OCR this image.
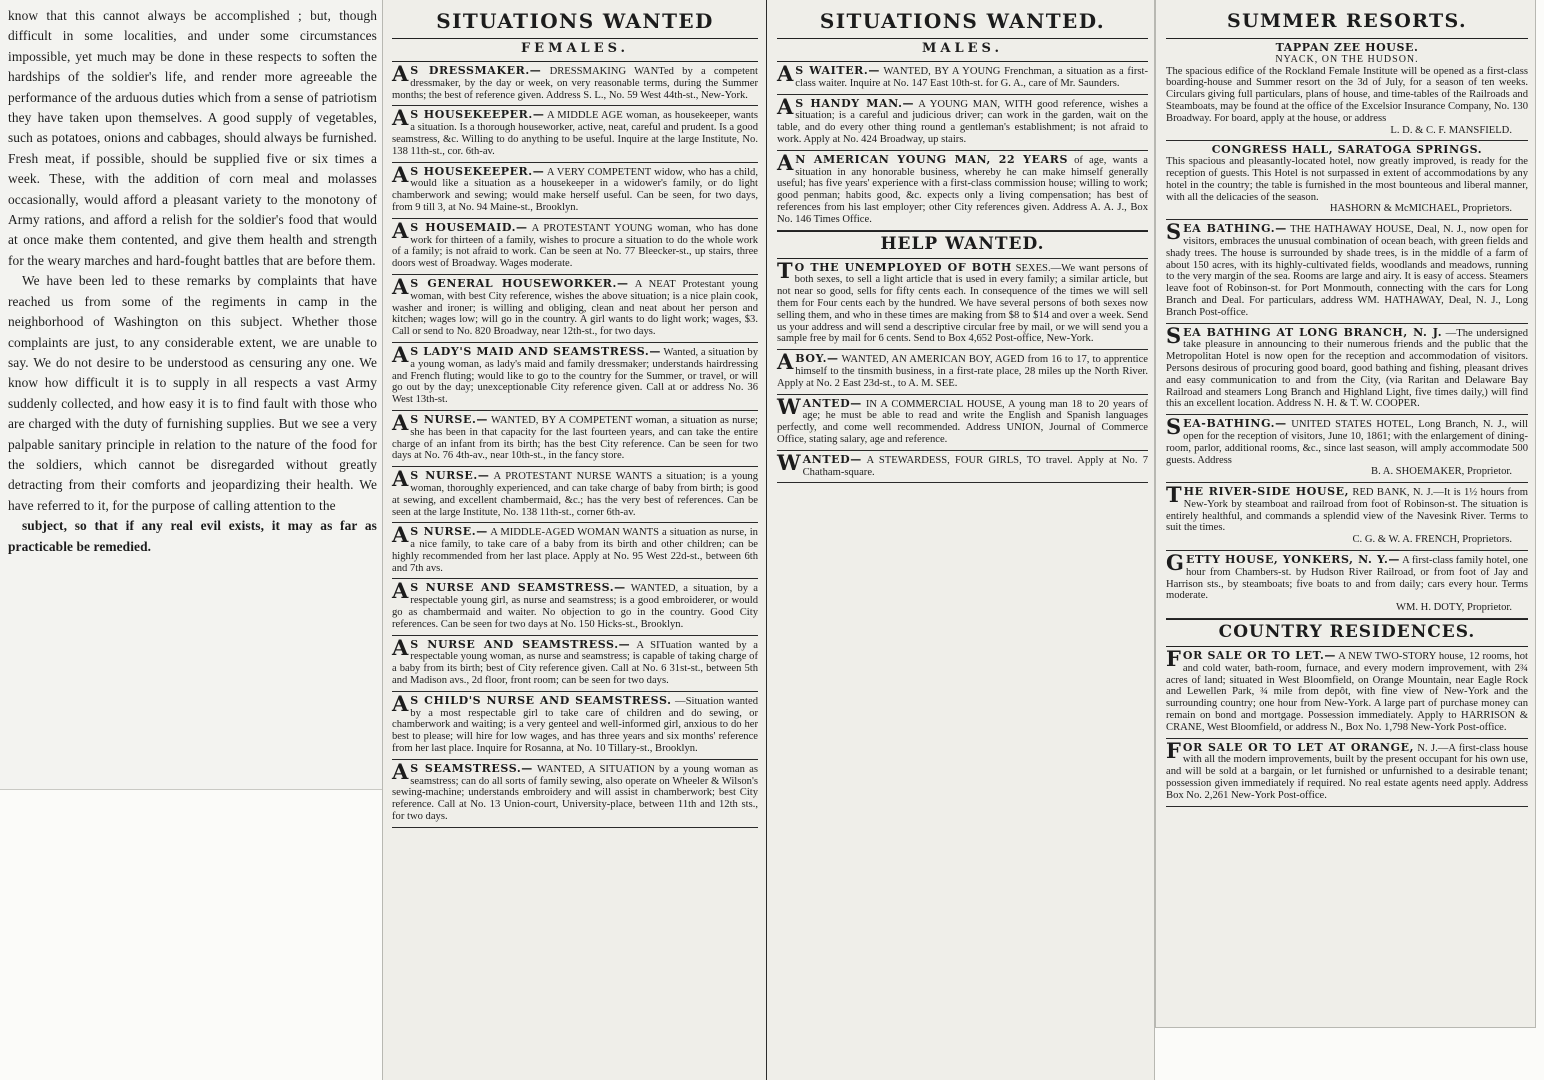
know that this cannot always be accomplished ; but, though difficult in some localities, and under some circumstances impossible, yet much may be done in these respects to soften the hardships of the soldier's life, and render more agreeable the performance of the arduous duties which from a sense of patriotism they have taken upon themselves. A good supply of vegetables, such as potatoes, onions and cabbages, should always be furnished. Fresh meat, if possible, should be supplied five or six times a week. These, with the addition of corn meal and molasses occasionally, would afford a pleasant variety to the monotony of Army rations, and afford a relish for the soldier's food that would at once make them contented, and give them health and strength for the weary marches and hard-fought battles that are before them.

We have been led to these remarks by complaints that have reached us from some of the regiments in camp in the neighborhood of Washington on this subject. Whether those complaints are just, to any considerable extent, we are unable to say. We do not desire to be understood as censuring any one. We know how difficult it is to supply in all respects a vast Army suddenly collected, and how easy it is to find fault with those who are charged with the duty of furnishing supplies. But we see a very palpable sanitary principle in relation to the nature of the food for the soldiers, which cannot be disregarded without greatly detracting from their comforts and jeopardizing their health. We have referred to it, for the purpose of calling attention to the

subject, so that if any real evil exists, it may as far as practicable be remedied.

SITUATIONS WANTED
FEMALES.
A S DRESSMAKER.— DRESSMAKING WANTed by a competent dressmaker, by the day or week, on very reasonable terms, during the Summer months; the best of reference given. Address S. L., No. 59 West 44th-st., New-York.
A S HOUSEKEEPER.— A MIDDLE AGE woman, as housekeeper, wants a situation. Is a thorough houseworker, active, neat, careful and prudent. Is a good seamstress, &c. Willing to do anything to be useful. Inquire at the large Institute, No. 138 11th-st., cor. 6th-av.
A S HOUSEKEEPER.— A VERY COMPETENT widow, who has a child, would like a situation as a housekeeper in a widower's family, or do light chamberwork and sewing; would make herself useful. Can be seen, for two days, from 9 till 3, at No. 94 Maine-st., Brooklyn.
A S HOUSEMAID.— A PROTESTANT YOUNG woman, who has done work for thirteen of a family, wishes to procure a situation to do the whole work of a family; is not afraid to work. Can be seen at No. 77 Bleecker-st., up stairs, three doors west of Broadway. Wages moderate.
A S GENERAL HOUSEWORKER.— A NEAT Protestant young woman, with best City reference, wishes the above situation; is a nice plain cook, washer and ironer; is willing and obliging, clean and neat about her person and kitchen; wages low; will go in the country. A girl wants to do light work; wages, $3. Call or send to No. 820 Broadway, near 12th-st., for two days.
A S LADY'S MAID AND SEAMSTRESS.— Wanted, a situation by a young woman, as lady's maid and family dressmaker; understands hairdressing and French fluting; would like to go to the country for the Summer, or travel, or will go out by the day; unexceptionable City reference given. Call at or address No. 36 West 13th-st.
A S NURSE.— WANTED, BY A COMPETENT woman, a situation as nurse; she has been in that capacity for the last fourteen years, and can take the entire charge of an infant from its birth; has the best City reference. Can be seen for two days at No. 76 4th-av., near 10th-st., in the fancy store.
A S NURSE.— A PROTESTANT NURSE WANTS a situation; is a young woman, thoroughly experienced, and can take charge of baby from birth; is good at sewing, and excellent chambermaid, &c.; has the very best of references. Can be seen at the large Institute, No. 138 11th-st., corner 6th-av.
A S NURSE.— A MIDDLE-AGED WOMAN WANTS a situation as nurse, in a nice family, to take care of a baby from its birth and other children; can be highly recommended from her last place. Apply at No. 95 West 22d-st., between 6th and 7th avs.
A S NURSE AND SEAMSTRESS.— WANTED, a situation, by a respectable young girl, as nurse and seamstress; is a good embroiderer, or would go as chambermaid and waiter. No objection to go in the country. Good City references. Can be seen for two days at No. 150 Hicks-st., Brooklyn.
A S NURSE AND SEAMSTRESS.— A SITuation wanted by a respectable young woman, as nurse and seamstress; is capable of taking charge of a baby from its birth; best of City reference given. Call at No. 6 31st-st., between 5th and Madison avs., 2d floor, front room; can be seen for two days.
A S CHILD'S NURSE AND SEAMSTRESS. —Situation wanted by a most respectable girl to take care of children and do sewing, or chamberwork and waiting; is a very genteel and well-informed girl, anxious to do her best to please; will hire for low wages, and has three years and six months' reference from her last place. Inquire for Rosanna, at No. 10 Tillary-st., Brooklyn.
A S SEAMSTRESS.— WANTED, A SITUATION by a young woman as seamstress; can do all sorts of family sewing, also operate on Wheeler & Wilson's sewing-machine; understands embroidery and will assist in chamberwork; best City reference. Call at No. 13 Union-court, University-place, between 11th and 12th sts., for two days.
SITUATIONS WANTED.
MALES.
A S WAITER.— WANTED, BY A YOUNG Frenchman, a situation as a first-class waiter. Inquire at No. 147 East 10th-st. for G. A., care of Mr. Saunders.
A S HANDY MAN.— A YOUNG MAN, WITH good reference, wishes a situation; is a careful and judicious driver; can work in the garden, wait on the table, and do every other thing round a gentleman's establishment; is not afraid to work. Apply at No. 424 Broadway, up stairs.
A N AMERICAN YOUNG MAN, 22 YEARS of age, wants a situation in any honorable business, whereby he can make himself generally useful; has five years' experience with a first-class commission house; willing to work; good penman; habits good, &c. expects only a living compensation; has best of references from his last employer; other City references given. Address A. A. J., Box No. 146 Times Office.
HELP WANTED.
T O THE UNEMPLOYED OF BOTH SEXES.—We want persons of both sexes, to sell a light article that is used in every family; a similar article, but not near so good, sells for fifty cents each. In consequence of the times we will sell them for Four cents each by the hundred. We have several persons of both sexes now selling them, and who in these times are making from $8 to $14 and over a week. Send us your address and will send a descriptive circular free by mail, or we will send you a sample free by mail for 6 cents. Send to Box 4,652 Post-office, New-York.
A BOY.— WANTED, AN AMERICAN BOY, AGED from 16 to 17, to apprentice himself to the tinsmith business, in a first-rate place, 28 miles up the North River. Apply at No. 2 East 23d-st., to A. M. SEE.
WANTED— IN A COMMERCIAL HOUSE, A young man 18 to 20 years of age; he must be able to read and write the English and Spanish languages perfectly, and come well recommended. Address UNION, Journal of Commerce Office, stating salary, age and reference.
WANTED— A STEWARDESS, FOUR GIRLS, TO travel. Apply at No. 7 Chatham-square.
SUMMER RESORTS.
TAPPAN ZEE HOUSE.
NYACK, ON THE HUDSON.
The spacious edifice of the Rockland Female Institute will be opened as a first-class boarding-house and Summer resort on the 3d of July, for a season of ten weeks. Circulars giving full particulars, plans of house, and time-tables of the Railroads and Steamboats, may be found at the office of the Excelsior Insurance Company, No. 130 Broadway. For board, apply at the house, or address
L. D. & C. F. MANSFIELD.
CONGRESS HALL, SARATOGA SPRINGS.
This spacious and pleasantly-located hotel, now greatly improved, is ready for the reception of guests. This Hotel is not surpassed in extent of accommodations by any hotel in the country; the table is furnished in the most bounteous and liberal manner, with all the delicacies of the season.
HASHORN & McMICHAEL, Proprietors.
SEA BATHING.— THE HATHAWAY HOUSE, Deal, N. J., now open for visitors, embraces the unusual combination of ocean beach, with green fields and shady trees. The house is surrounded by shade trees, is in the middle of a farm of about 150 acres, with its highly-cultivated fields, woodlands and meadows, running to the very margin of the sea. Rooms are large and airy. It is easy of access. Steamers leave foot of Robinson-st. for Port Monmouth, connecting with the cars for Long Branch and Deal. For particulars, address WM. HATHAWAY, Deal, N. J., Long Branch Post-office.
SEA BATHING AT LONG BRANCH, N. J. —The undersigned take pleasure in announcing to their numerous friends and the public that the Metropolitan Hotel is now open for the reception and accommodation of visitors. Persons desirous of procuring good board, good bathing and fishing, pleasant drives and easy communication to and from the City, (via Raritan and Delaware Bay Railroad and steamers Long Branch and Highland Light, five times daily,) will find this an excellent location. Address N. H. & T. W. COOPER.
SEA-BATHING.— UNITED STATES HOTEL, Long Branch, N. J., will open for the reception of visitors, June 10, 1861; with the enlargement of dining-room, parlor, additional rooms, &c., since last season, will amply accommodate 500 guests. Address
B. A. SHOEMAKER, Proprietor.
THE RIVER-SIDE HOUSE, RED BANK, N. J.—It is 1½ hours from New-York by steamboat and railroad from foot of Robinson-st. The situation is entirely healthful, and commands a splendid view of the Navesink River. Terms to suit the times.
C. G. & W. A. FRENCH, Proprietors.
GETTY HOUSE, YONKERS, N. Y.— A first-class family hotel, one hour from Chambers-st. by Hudson River Railroad, or from foot of Jay and Harrison sts., by steamboats; five boats to and from daily; cars every hour. Terms moderate.
WM. H. DOTY, Proprietor.
COUNTRY RESIDENCES.
FOR SALE OR TO LET.— A NEW TWO-STORY house, 12 rooms, hot and cold water, bath-room, furnace, and every modern improvement, with 2¾ acres of land; situated in West Bloomfield, on Orange Mountain, near Eagle Rock and Lewellen Park, ¾ mile from depôt, with fine view of New-York and the surrounding country; one hour from New-York. A large part of purchase money can remain on bond and mortgage. Possession immediately. Apply to HARRISON & CRANE, West Bloomfield, or address N., Box No. 1,798 New-York Post-office.
FOR SALE OR TO LET AT ORANGE, N. J.—A first-class house with all the modern improvements, built by the present occupant for his own use, and will be sold at a bargain, or let furnished or unfurnished to a desirable tenant; possession given immediately if required. No real estate agents need apply. Address Box No. 2,261 New-York Post-office.
